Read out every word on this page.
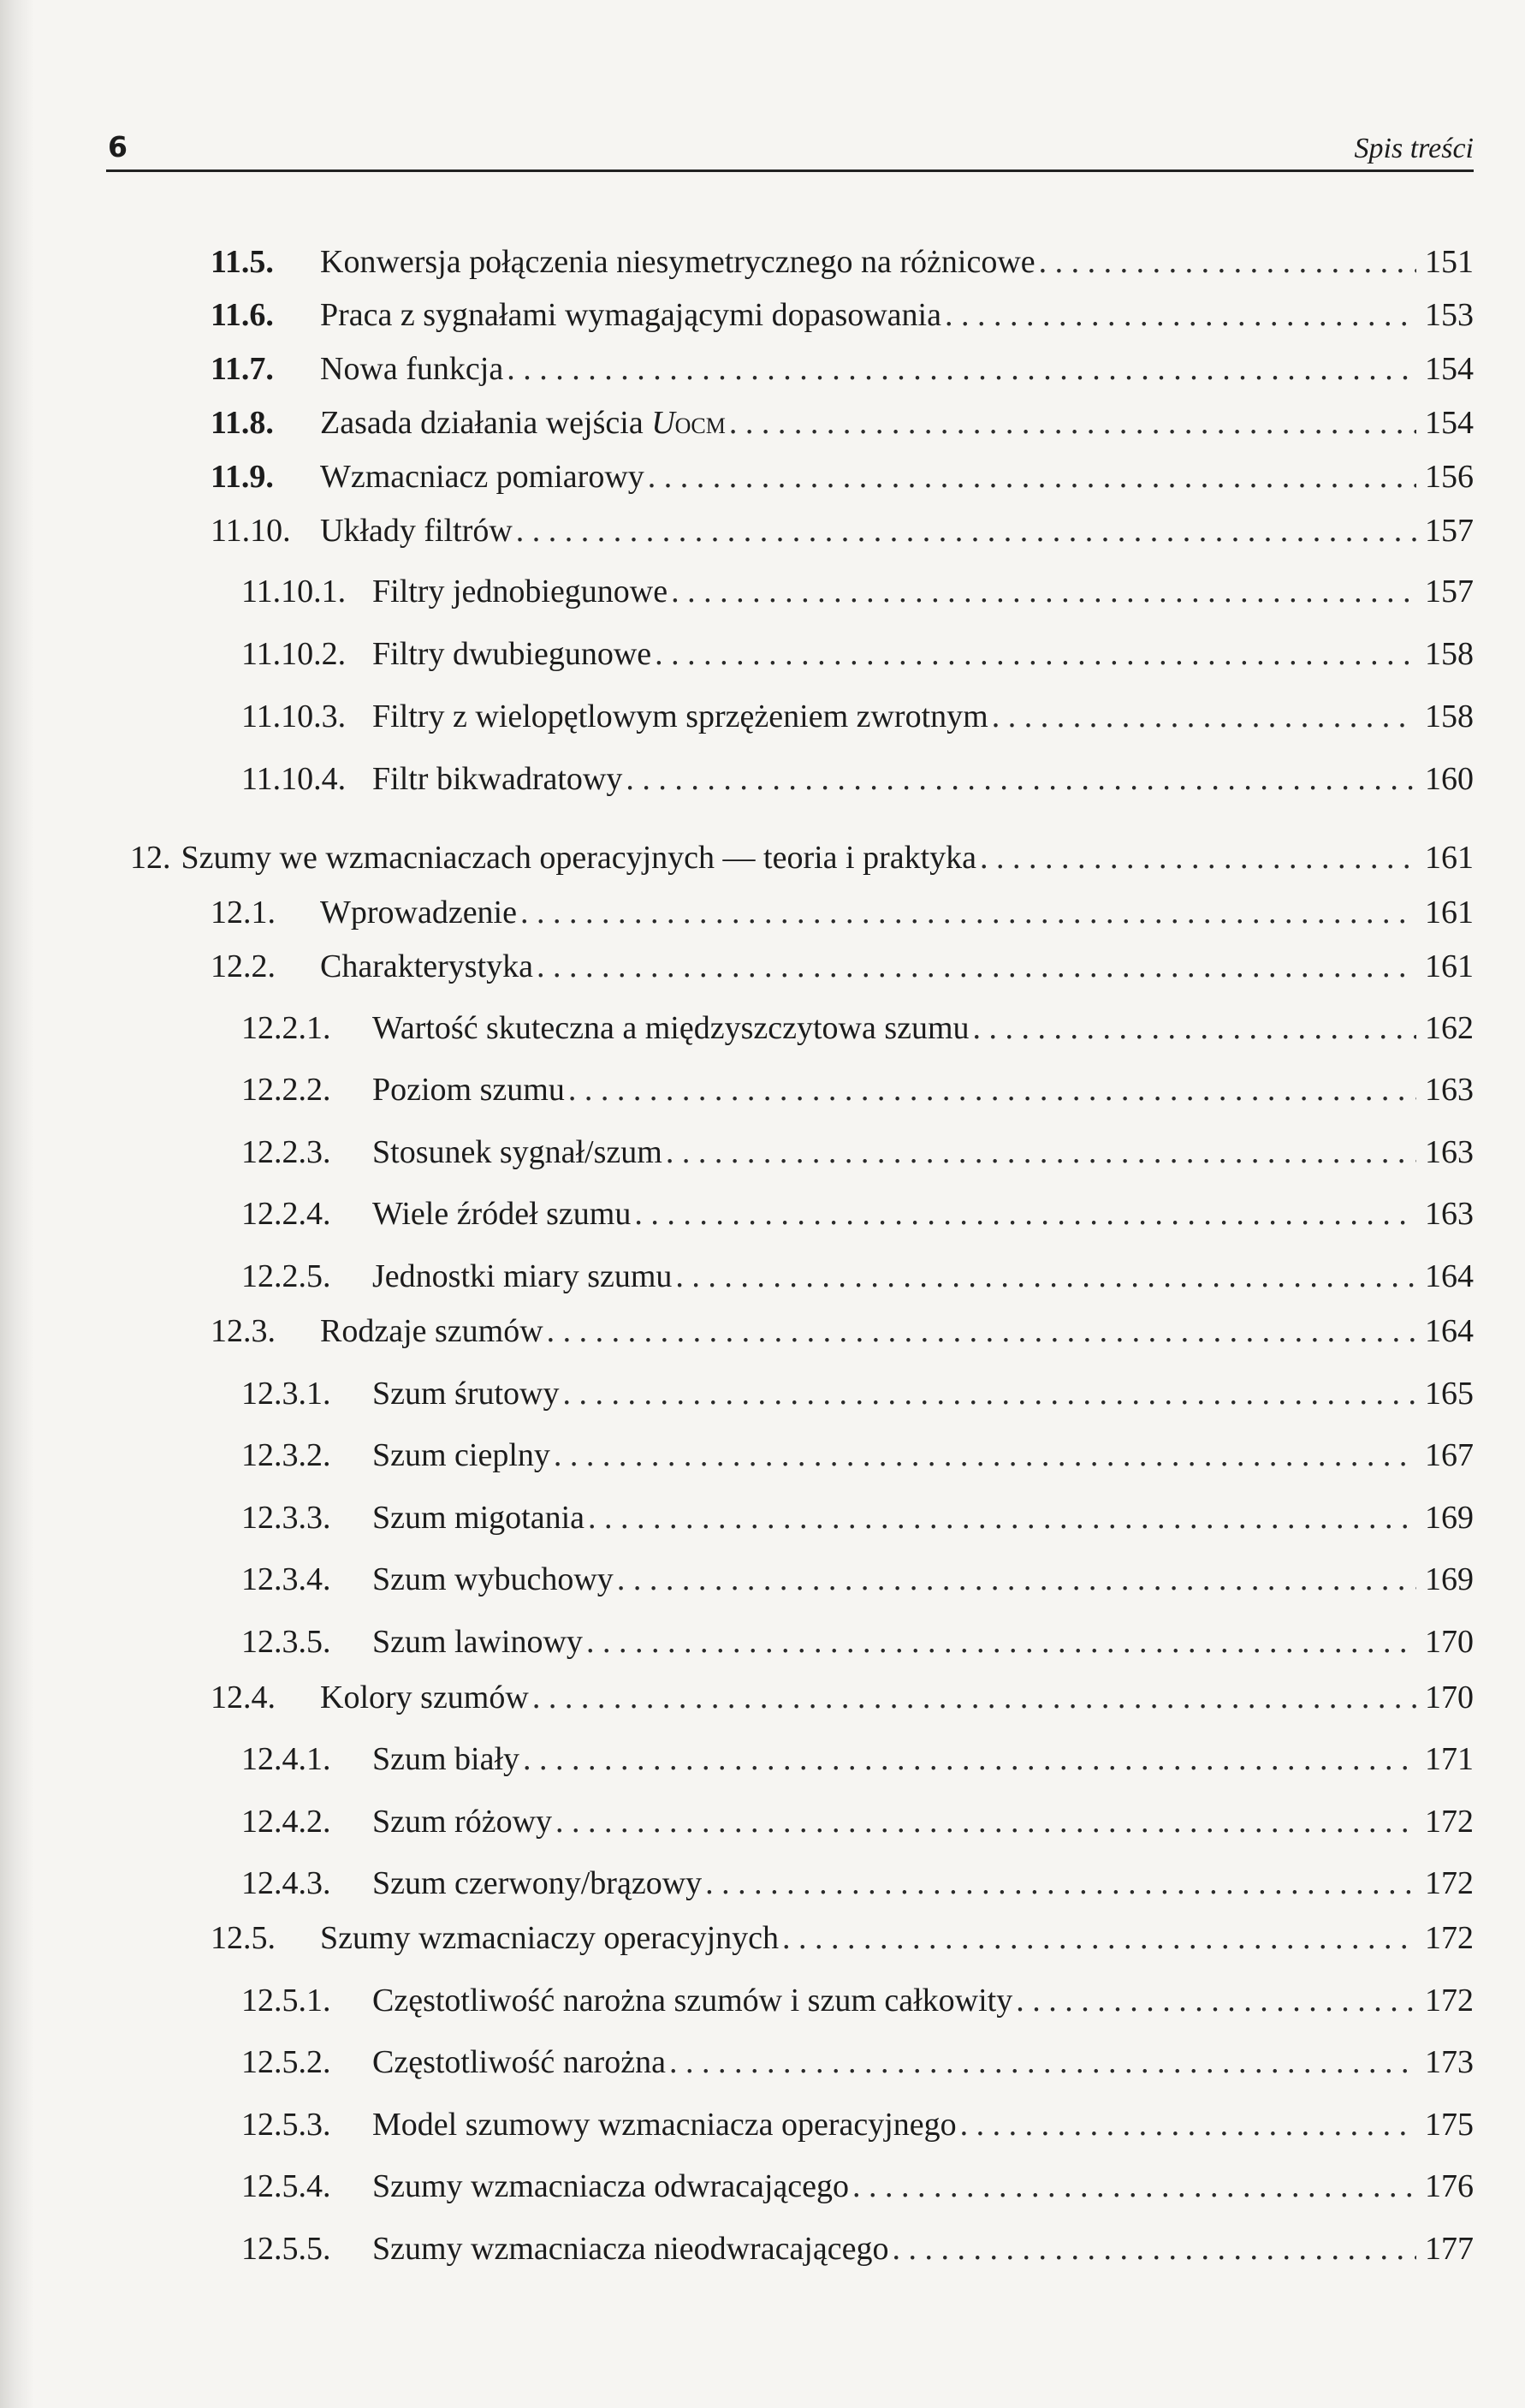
6	Spis treści
11.5.	Konwersja połączenia niesymetrycznego na różnicowe . . .	151
11.6.	Praca z sygnałami wymagającymi dopasowania . . .	153
11.7.	Nowa funkcja . . .	154
11.8.	Zasada działania wejścia UOCM . . .	154
11.9.	Wzmacniacz pomiarowy . . .	156
11.10. Układy filtrów . . .	157
11.10.1. Filtry jednobiegunowe . . .	157
11.10.2. Filtry dwubiegunowe . . .	158
11.10.3. Filtry z wielopętlowym sprzężeniem zwrotnym . . .	158
11.10.4. Filtr bikwadratowy . . .	160
12. Szumy we wzmacniaczach operacyjnych — teoria i praktyka . . .	161
12.1.	Wprowadzenie . . .	161
12.2.	Charakterystyka . . .	161
12.2.1.	Wartość skuteczna a międzyszczytowa szumu . . .	162
12.2.2.	Poziom szumu . . .	163
12.2.3.	Stosunek sygnał/szum . . .	163
12.2.4.	Wiele źródeł szumu . . .	163
12.2.5.	Jednostki miary szumu . . .	164
12.3.	Rodzaje szumów . . .	164
12.3.1.	Szum śrutowy . . .	165
12.3.2.	Szum cieplny . . .	167
12.3.3.	Szum migotania . . .	169
12.3.4.	Szum wybuchowy . . .	169
12.3.5.	Szum lawinowy . . .	170
12.4.	Kolory szumów . . .	170
12.4.1.	Szum biały . . .	171
12.4.2.	Szum różowy . . .	172
12.4.3.	Szum czerwony/brązowy . . .	172
12.5.	Szumy wzmacniaczy operacyjnych . . .	172
12.5.1.	Częstotliwość narożna szumów i szum całkowity . . .	172
12.5.2.	Częstotliwość narożna . . .	173
12.5.3.	Model szumowy wzmacniacza operacyjnego . . .	175
12.5.4.	Szumy wzmacniacza odwracającego . . .	176
12.5.5.	Szumy wzmacniacza nieodwracającego . . .	177
